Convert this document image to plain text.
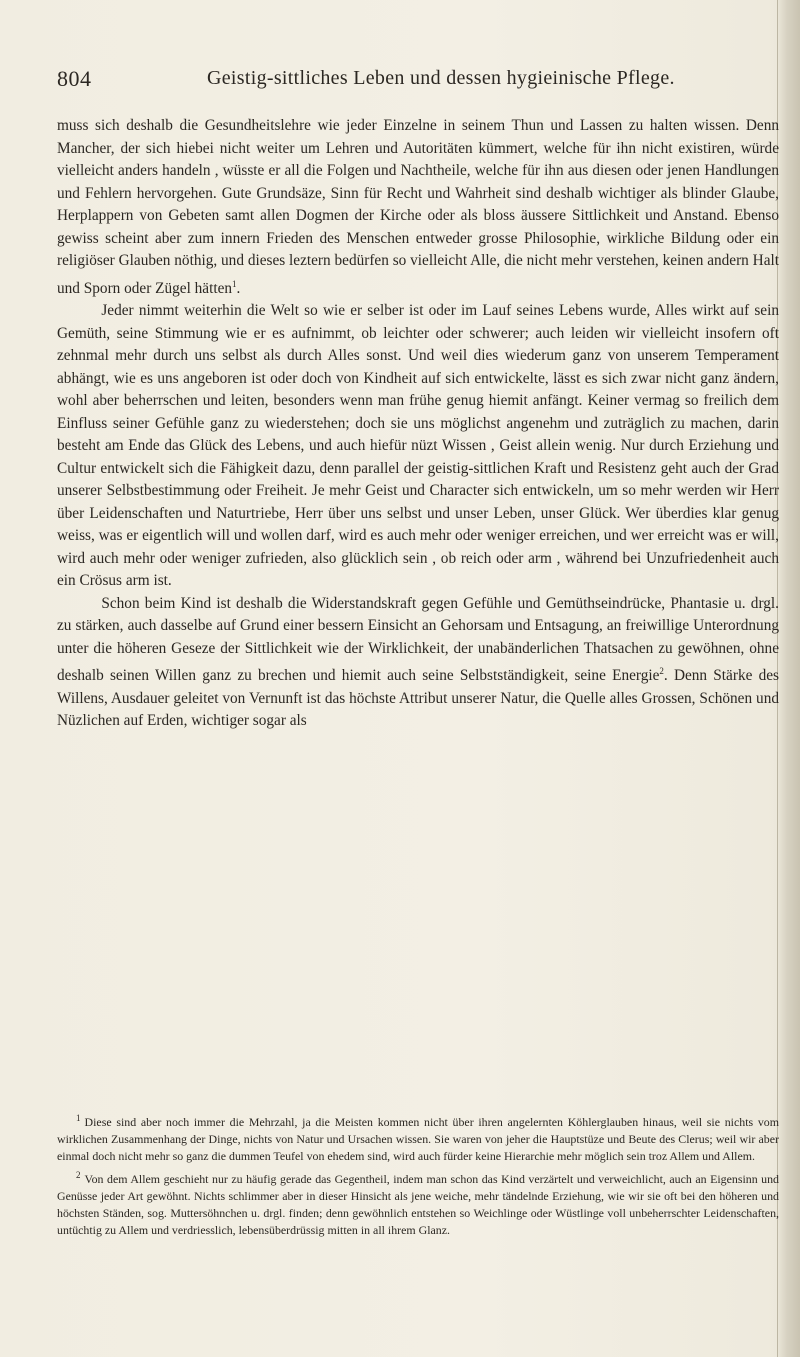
804	Geistig-sittliches Leben und dessen hygieinische Pflege.

muss sich deshalb die Gesundheitslehre wie jeder Einzelne in seinem Thun und Lassen zu halten wissen. Denn Mancher, der sich hiebei nicht weiter um Lehren und Autoritäten kümmert, welche für ihn nicht existiren, würde vielleicht anders handeln , wüsste er all die Folgen und Nachtheile, welche für ihn aus diesen oder jenen Handlungen und Fehlern hervorgehen. Gute Grundsäze, Sinn für Recht und Wahrheit sind deshalb wichtiger als blinder Glaube, Herplappern von Gebeten samt allen Dogmen der Kirche oder als bloss äussere Sittlichkeit und Anstand. Ebenso gewiss scheint aber zum innern Frieden des Menschen entweder grosse Philosophie, wirkliche Bildung oder ein religiöser Glauben nöthig, und dieses leztern bedürfen so vielleicht Alle, die nicht mehr verstehen, keinen andern Halt und Sporn oder Zügel hätten$^1$.

Jeder nimmt weiterhin die Welt so wie er selber ist oder im Lauf seines Lebens wurde, Alles wirkt auf sein Gemüth, seine Stimmung wie er es aufnimmt, ob leichter oder schwerer; auch leiden wir vielleicht insofern oft zehnmal mehr durch uns selbst als durch Alles sonst. Und weil dies wiederum ganz von unserem Temperament abhängt, wie es uns angeboren ist oder doch von Kindheit auf sich entwickelte, lässt es sich zwar nicht ganz ändern, wohl aber beherrschen und leiten, besonders wenn man frühe genug hiemit anfängt. Keiner vermag so freilich dem Einfluss seiner Gefühle ganz zu wiederstehen; doch sie uns möglichst angenehm und zuträglich zu machen, darin besteht am Ende das Glück des Lebens, und auch hiefür nüzt Wissen , Geist allein wenig. Nur durch Erziehung und Cultur entwickelt sich die Fähigkeit dazu, denn parallel der geistig-sittlichen Kraft und Resistenz geht auch der Grad unserer Selbstbestimmung oder Freiheit. Je mehr Geist und Character sich entwickeln, um so mehr werden wir Herr über Leidenschaften und Naturtriebe, Herr über uns selbst und unser Leben, unser Glück. Wer überdies klar genug weiss, was er eigentlich will und wollen darf, wird es auch mehr oder weniger erreichen, und wer erreicht was er will, wird auch mehr oder weniger zufrieden, also glücklich sein , ob reich oder arm , während bei Unzufriedenheit auch ein Crösus arm ist.

Schon beim Kind ist deshalb die Widerstandskraft gegen Gefühle und Gemüthseindrücke, Phantasie u. drgl. zu stärken, auch dasselbe auf Grund einer bessern Einsicht an Gehorsam und Entsagung, an freiwillige Unterordnung unter die höheren Geseze der Sittlichkeit wie der Wirklichkeit, der unabänderlichen Thatsachen zu gewöhnen, ohne deshalb seinen Willen ganz zu brechen und hiemit auch seine Selbstständigkeit, seine Energie$^2$. Denn Stärke des Willens, Ausdauer geleitet von Vernunft ist das höchste Attribut unserer Natur, die Quelle alles Grossen, Schönen und Nüzlichen auf Erden, wichtiger sogar als

$^1$ Diese sind aber noch immer die Mehrzahl, ja die Meisten kommen nicht über ihren angelernten Köhlerglauben hinaus, weil sie nichts vom wirklichen Zusammenhang der Dinge, nichts von Natur und Ursachen wissen. Sie waren von jeher die Hauptstüze und Beute des Clerus; weil wir aber einmal doch nicht mehr so ganz die dummen Teufel von ehedem sind, wird auch fürder keine Hierarchie mehr möglich sein troz Allem und Allem.

$^2$ Von dem Allem geschieht nur zu häufig gerade das Gegentheil, indem man schon das Kind verzärtelt und verweichlicht, auch an Eigensinn und Genüsse jeder Art gewöhnt. Nichts schlimmer aber in dieser Hinsicht als jene weiche, mehr tändelnde Erziehung, wie wir sie oft bei den höheren und höchsten Ständen, sog. Muttersöhnchen u. drgl. finden; denn gewöhnlich entstehen so Weichlinge oder Wüstlinge voll unbeherrschter Leidenschaften, untüchtig zu Allem und verdriesslich, lebensüberdrüssig mitten in all ihrem Glanz.
